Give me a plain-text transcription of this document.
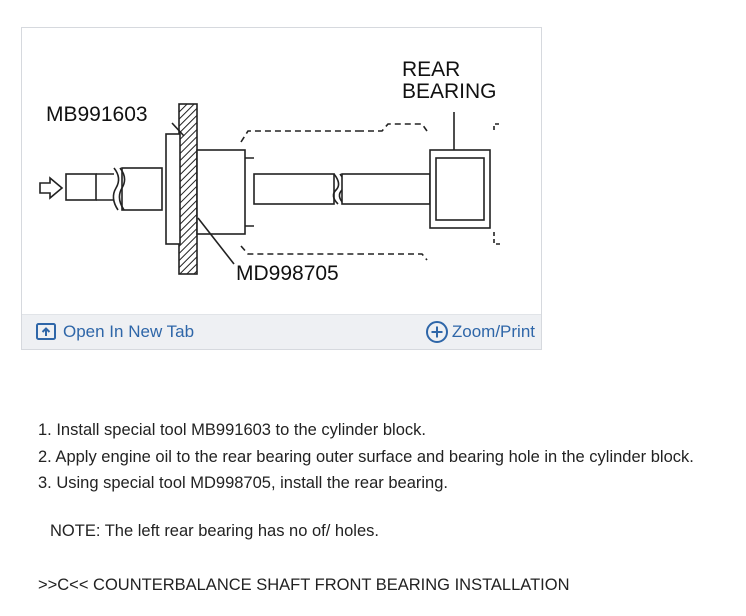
MB991603
MD998705
REAR
BEARING
Open In New Tab	Zoom/Print
1. Install special tool MB991603 to the cylinder block.
2. Apply engine oil to the rear bearing outer surface and bearing hole in the cylinder block.
3. Using special tool MD998705, install the rear bearing.

NOTE: The left rear bearing has no of/ holes.

>>C<< COUNTERBALANCE SHAFT FRONT BEARING INSTALLATION
